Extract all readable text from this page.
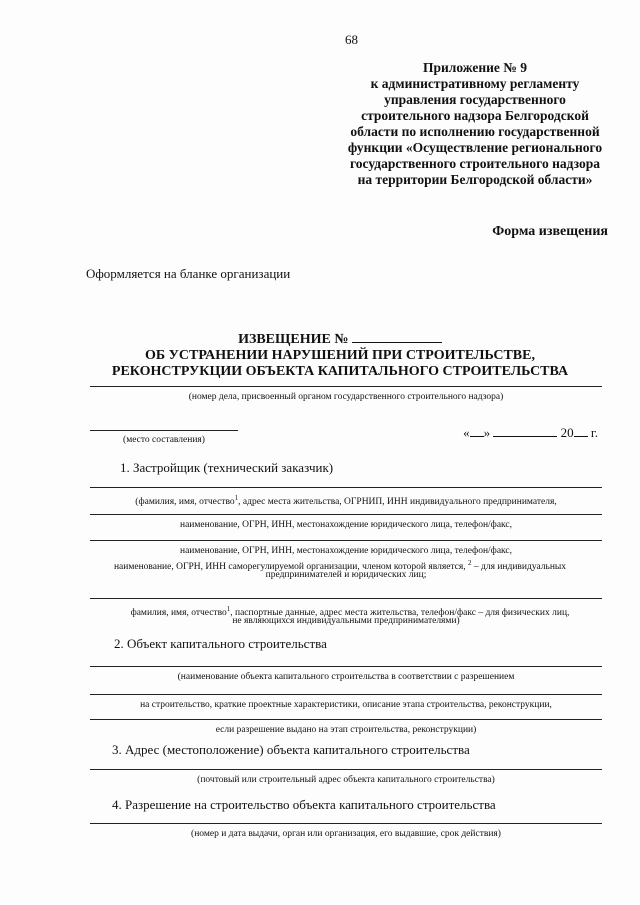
68
Приложение № 9
к административному регламенту
управления государственного
строительного надзора Белгородской
области по исполнению государственной
функции «Осуществление регионального
государственного строительного надзора
на территории Белгородской области»
Форма извещения
Оформляется на бланке организации
ИЗВЕЩЕНИЕ №
ОБ УСТРАНЕНИИ НАРУШЕНИЙ ПРИ СТРОИТЕЛЬСТВЕ,
РЕКОНСТРУКЦИИ ОБЪЕКТА КАПИТАЛЬНОГО СТРОИТЕЛЬСТВА
(номер дела, присвоенный органом государственного строительного надзора)
(место составления)	« »	20 г.
1. Застройщик (технический заказчик)
(фамилия, имя, отчество$^1$, адрес места жительства, ОГРНИП, ИНН индивидуального предпринимателя,
наименование, ОГРН, ИНН, местонахождение юридического лица, телефон/факс,
наименование, ОГРН, ИНН, местонахождение юридического лица, телефон/факс,
наименование, ОГРН, ИНН саморегулируемой организации, членом которой является, $^2$ – для индивидуальных
предпринимателей и юридических лиц;
фамилия, имя, отчество$^1$, паспортные данные, адрес места жительства, телефон/факс – для физических лиц,
не являющихся индивидуальными предпринимателями)
2. Объект капитального строительства
(наименование объекта капитального строительства в соответствии с разрешением
на строительство, краткие проектные характеристики, описание этапа строительства, реконструкции,
если разрешение выдано на этап строительства, реконструкции)
3. Адрес (местоположение) объекта капитального строительства
(почтовый или строительный адрес объекта капитального строительства)
4. Разрешение на строительство объекта капитального строительства
(номер и дата выдачи, орган или организация, его выдавшие, срок действия)
